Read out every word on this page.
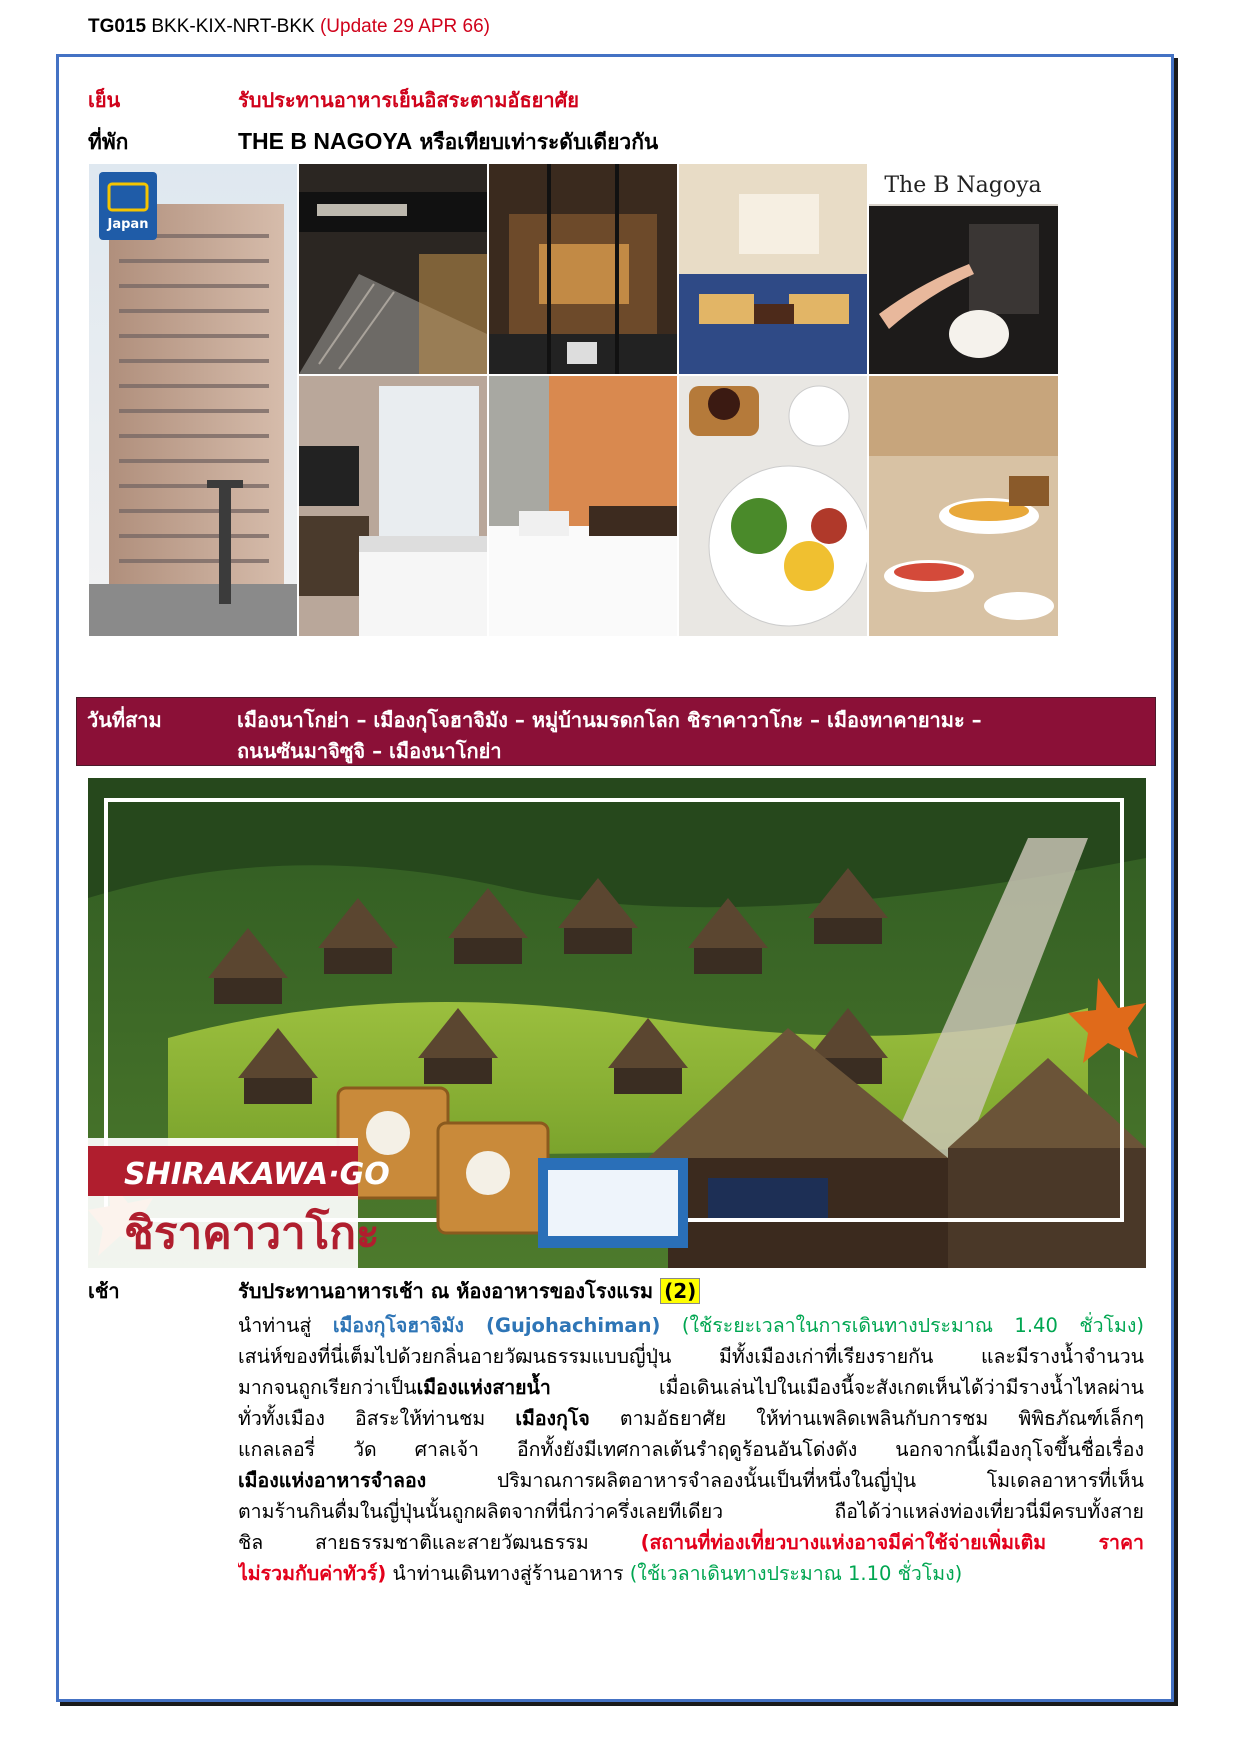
TG015 BKK-KIX-NRT-BKK (Update 29 APR 66)
เย็น	รับประทานอาหารเย็นอิสระตามอัธยาศัย
ที่พัก	THE B NAGOYA หรือเทียบเท่าระดับเดียวกัน
Japan
The B Nagoya
วันที่สาม	เมืองนาโกย่า – เมืองกุโจฮาจิมัง – หมู่บ้านมรดกโลก ชิราคาวาโกะ – เมืองทาคายามะ –
ถนนซันมาจิซูจิ – เมืองนาโกย่า
SHIRAKAWA·GO
ชิราคาวาโกะ
เช้า	รับประทานอาหารเช้า ณ ห้องอาหารของโรงแรม (2)
นำท่านสู่ เมืองกุโจฮาจิมัง (Gujohachiman) (ใช้ระยะเวลาในการเดินทางประมาณ 1.40 ชั่วโมง)
เสน่ห์ของที่นี่เต็มไปด้วยกลิ่นอายวัฒนธรรมแบบญี่ปุ่น มีทั้งเมืองเก่าที่เรียงรายกัน และมีรางน้ำจำนวน
มากจนถูกเรียกว่าเป็นเมืองแห่งสายน้ำ เมื่อเดินเล่นไปในเมืองนี้จะสังเกตเห็นได้ว่ามีรางน้ำไหลผ่าน
ทั่วทั้งเมือง อิสระให้ท่านชม เมืองกุโจ ตามอัธยาศัย ให้ท่านเพลิดเพลินกับการชม พิพิธภัณฑ์เล็กๆ
แกลเลอรี่ วัด ศาลเจ้า อีกทั้งยังมีเทศกาลเต้นรำฤดูร้อนอันโด่งดัง นอกจากนี้เมืองกุโจขึ้นชื่อเรื่อง
เมืองแห่งอาหารจำลอง ปริมาณการผลิตอาหารจำลองนั้นเป็นที่หนึ่งในญี่ปุ่น โมเดลอาหารที่เห็น
ตามร้านกินดื่มในญี่ปุ่นนั้นถูกผลิตจากที่นี่กว่าครึ่งเลยทีเดียว ถือได้ว่าแหล่งท่องเที่ยวนี่มีครบทั้งสาย
ชิล สายธรรมชาติและสายวัฒนธรรม (สถานที่ท่องเที่ยวบางแห่งอาจมีค่าใช้จ่ายเพิ่มเติม ราคา
ไม่รวมกับค่าทัวร์) นำท่านเดินทางสู่ร้านอาหาร (ใช้เวลาเดินทางประมาณ 1.10 ชั่วโมง)
